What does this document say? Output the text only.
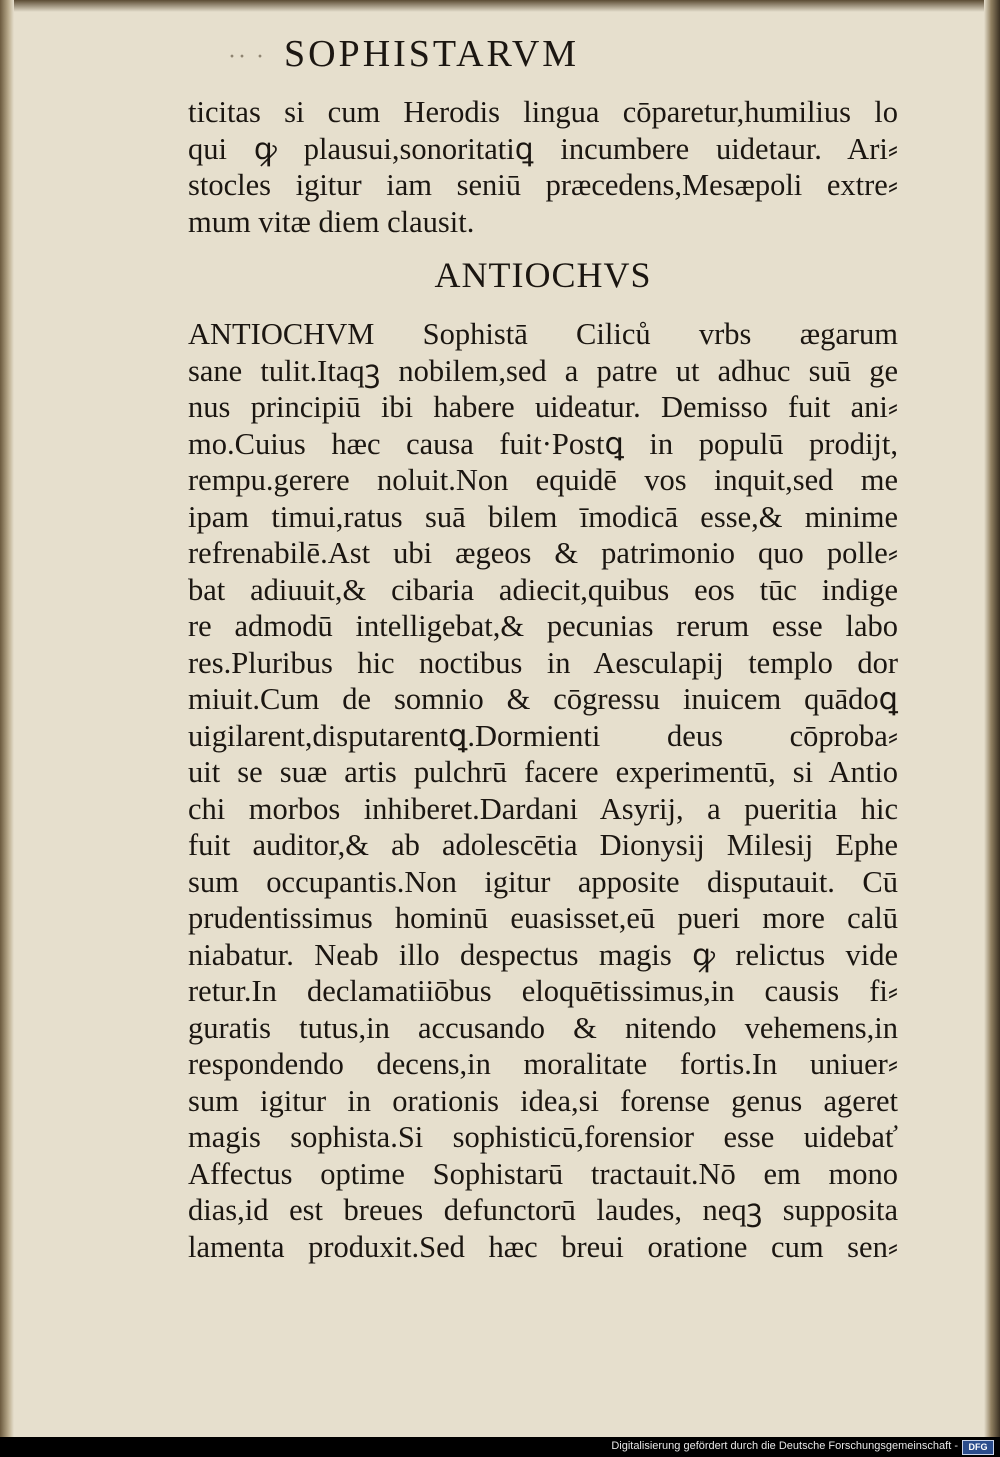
·· · SOPHISTARVM
ticitas si cum Herodis lingua cōparetur,humilius lo
qui ꝙ plausui,sonoritatiꝗ incumbere uidetaur. Ari⸗
stocles igitur iam seniū præcedens,Mesæpoli extre⸗
mum vitæ diem clausit.
ANTIOCHVS
ANTIOCHVM Sophistā Ciliců vrbs ægarum
sane tulit.Itaqꝫ nobilem,sed a patre ut adhuc suū ge
nus principiū ibi habere uideatur. Demisso fuit ani⸗
mo.Cuius hæc causa fuit·Postꝗ in populū prodijt,
rempu.gerere noluit.Non equidē vos inquit,sed me
ipam timui,ratus suā bilem īmodicā esse,& minime
refrenabilē.Ast ubi ægeos & patrimonio quo polle⸗
bat adiuuit,& cibaria adiecit,quibus eos tūc indige
re admodū intelligebat,& pecunias rerum esse labo
res.Pluribus hic noctibus in Aesculapij templo dor
miuit.Cum de somnio & cōgressu inuicem quādoꝗ
uigilarent,disputarentꝗ.Dormienti deus cōproba⸗
uit se suæ artis pulchrū facere experimentū, si Antio
chi morbos inhiberet.Dardani Asyrij, a pueritia hic
fuit auditor,& ab adolescētia Dionysij Milesij Ephe
sum occupantis.Non igitur apposite disputauit. Cū
prudentissimus hominū euasisset,eū pueri more calū
niabatur. Neab illo despectus magis ꝙ relictus vide
retur.In declamatiiōbus eloquētissimus,in causis fi⸗
guratis tutus,in accusando & nitendo vehemens,in
respondendo decens,in moralitate fortis.In uniuer⸗
sum igitur in orationis idea,si forense genus ageret
magis sophista.Si sophisticū,forensior esse uidebať
Affectus optime Sophistarū tractauit.Nō em mono
dias,id est breues defunctorū laudes, neqꝫ supposita
lamenta produxit.Sed hæc breui oratione cum sen⸗
Digitalisierung gefördert durch die Deutsche Forschungsgemeinschaft -	DFG
